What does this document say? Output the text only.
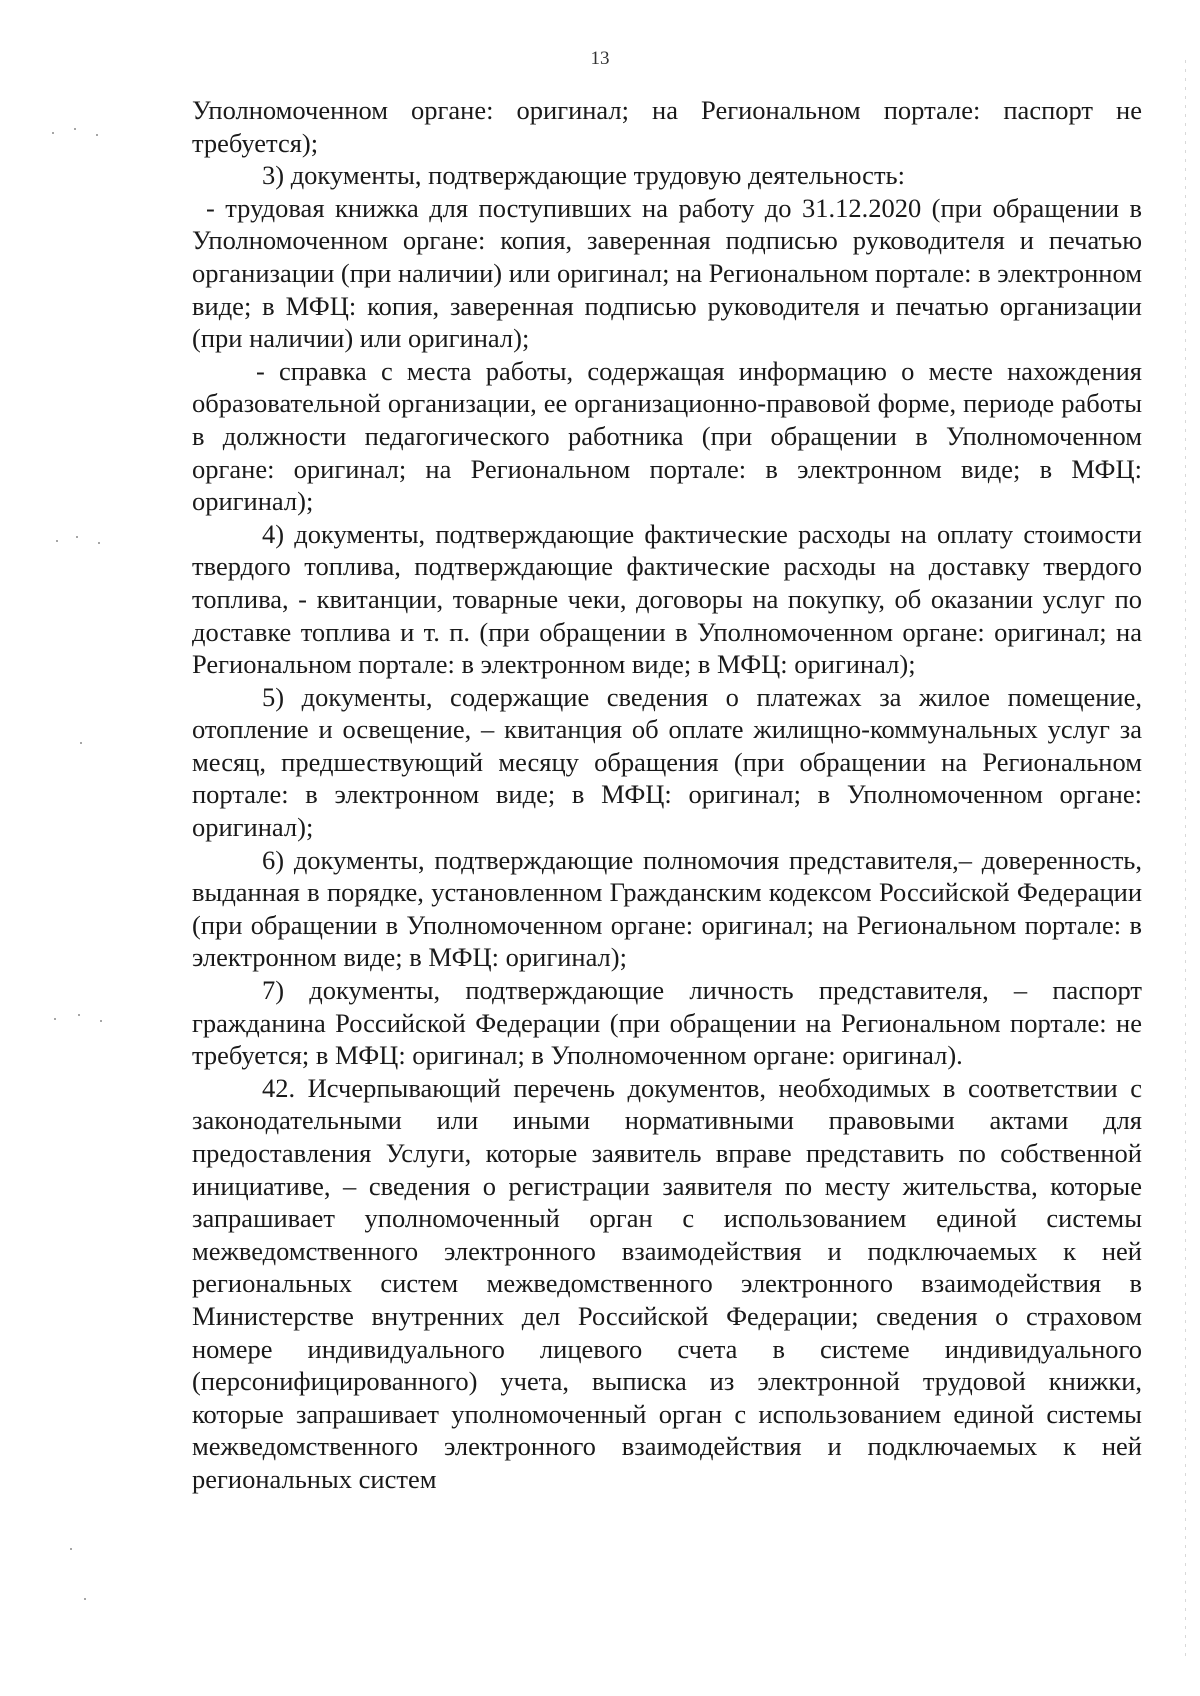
13

Уполномоченном органе: оригинал; на Региональном портале: паспорт не требуется);

3) документы, подтверждающие трудовую деятельность:

- трудовая книжка для поступивших на работу до 31.12.2020 (при обращении в Уполномоченном органе: копия, заверенная подписью руководителя и печатью организации (при наличии) или оригинал; на Региональном портале: в электронном виде; в МФЦ: копия, заверенная подписью руководителя и печатью организации (при наличии) или оригинал);

- справка с места работы, содержащая информацию о месте нахождения образовательной организации, ее организационно-правовой форме, периоде работы в должности педагогического работника (при обращении в Уполномоченном органе: оригинал; на Региональном портале: в электронном виде; в МФЦ: оригинал);

4) документы, подтверждающие фактические расходы на оплату стоимости твердого топлива, подтверждающие фактические расходы на доставку твердого топлива, - квитанции, товарные чеки, договоры на покупку, об оказании услуг по доставке топлива и т. п. (при обращении в Уполномоченном органе: оригинал; на Региональном портале: в электронном виде; в МФЦ: оригинал);

5) документы, содержащие сведения о платежах за жилое помещение, отопление и освещение, – квитанция об оплате жилищно-коммунальных услуг за месяц, предшествующий месяцу обращения (при обращении на Региональном портале: в электронном виде; в МФЦ: оригинал; в Уполномоченном органе: оригинал);

6) документы, подтверждающие полномочия представителя,– доверенность, выданная в порядке, установленном Гражданским кодексом Российской Федерации (при обращении в Уполномоченном органе: оригинал; на Региональном портале: в электронном виде; в МФЦ: оригинал);

7) документы, подтверждающие личность представителя, – паспорт гражданина Российской Федерации (при обращении на Региональном портале: не требуется; в МФЦ: оригинал; в Уполномоченном органе: оригинал).

42. Исчерпывающий перечень документов, необходимых в соответствии с законодательными или иными нормативными правовыми актами для предоставления Услуги, которые заявитель вправе представить по собственной инициативе, – сведения о регистрации заявителя по месту жительства, которые запрашивает уполномоченный орган с использованием единой системы межведомственного электронного взаимодействия и подключаемых к ней региональных систем межведомственного электронного взаимодействия в Министерстве внутренних дел Российской Федерации; сведения о страховом номере индивидуального лицевого счета в системе индивидуального (персонифицированного) учета, выписка из электронной трудовой книжки, которые запрашивает уполномоченный орган с использованием единой системы межведомственного электронного взаимодействия и подключаемых к ней региональных систем
